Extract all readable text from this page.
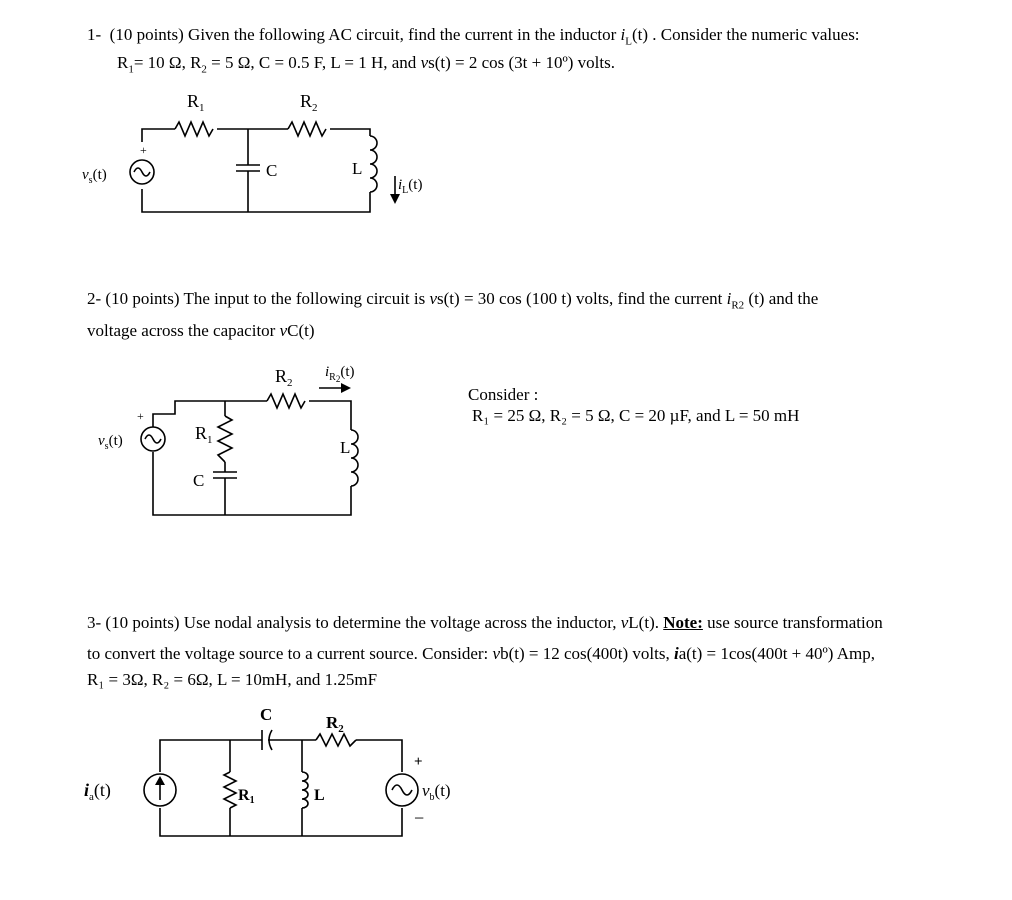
1- (10 points) Given the following AC circuit, find the current in the inductor $i_L(t)$ . Consider the numeric values:
$R_1= 10$ Ω, $R_2 = 5$ Ω, C = 0.5 F, L = 1 H, and vs(t) = 2 cos (3t + 10º) volts.
+
$v_s(t)$
$R_1$	$R_2$
C	L
$i_L(t)$
2- (10 points) The input to the following circuit is vs(t) = 30 cos (100 t) volts, find the current $i_{R2}$ (t) and the
voltage across the capacitor vC(t)
+
$v_s(t)$
$R_2$
$i_R2(t)$
$R_1$
C
L
Consider :
R₁ = 25 Ω, R₂ = 5 Ω, C = 20 µF, and L = 50 mH
3- (10 points) Use nodal analysis to determine the voltage across the inductor, vL(t). Note: use source transformation
to convert the voltage source to a current source. Consider: vb(t) = 12 cos(400t) volts, ia(t) = 1cos(400t + 40º) Amp,
R₁ = 3Ω, R₂ = 6Ω, L = 10mH, and 1.25mF
$i_a(t)$
C	$R_2$
R1	L
+
−
$v_b(t)$
